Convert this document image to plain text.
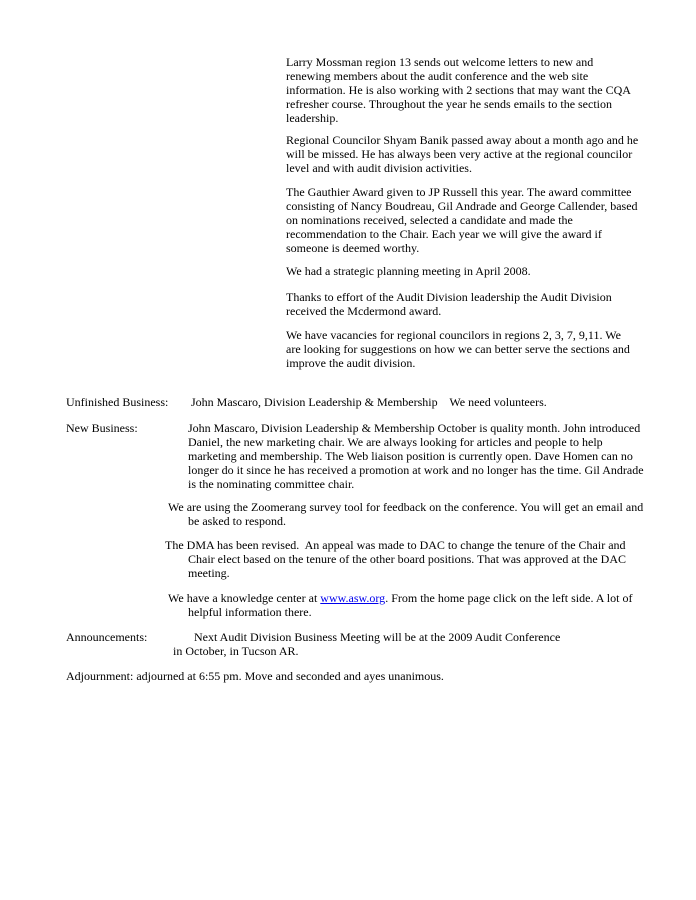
Larry Mossman region 13 sends out welcome letters to new and
renewing members about the audit conference and the web site
information. He is also working with 2 sections that may want the CQA
refresher course. Throughout the year he sends emails to the section
leadership.
Regional Councilor Shyam Banik passed away about a month ago and he
will be missed. He has always been very active at the regional councilor
level and with audit division activities.
The Gauthier Award given to JP Russell this year. The award committee
consisting of Nancy Boudreau, Gil Andrade and George Callender, based
on nominations received, selected a candidate and made the
recommendation to the Chair. Each year we will give the award if
someone is deemed worthy.
We had a strategic planning meeting in April 2008.
Thanks to effort of the Audit Division leadership the Audit Division
received the Mcdermond award.
We have vacancies for regional councilors in regions 2, 3, 7, 9,11. We
are looking for suggestions on how we can better serve the sections and
improve the audit division.
Unfinished Business: John Mascaro, Division Leadership & Membership    We need volunteers.
New Business:	John Mascaro, Division Leadership & Membership October is quality month. John introduced
Daniel, the new marketing chair. We are always looking for articles and people to help
marketing and membership. The Web liaison position is currently open. Dave Homen can no
longer do it since he has received a promotion at work and no longer has the time. Gil Andrade
is the nominating committee chair.
We are using the Zoomerang survey tool for feedback on the conference. You will get an email and
be asked to respond.
The DMA has been revised.  An appeal was made to DAC to change the tenure of the Chair and
Chair elect based on the tenure of the other board positions. That was approved at the DAC
meeting.
We have a knowledge center at www.asw.org. From the home page click on the left side. A lot of
helpful information there.
Announcements:	Next Audit Division Business Meeting will be at the 2009 Audit Conference
in October, in Tucson AR.
Adjournment: adjourned at 6:55 pm. Move and seconded and ayes unanimous.
